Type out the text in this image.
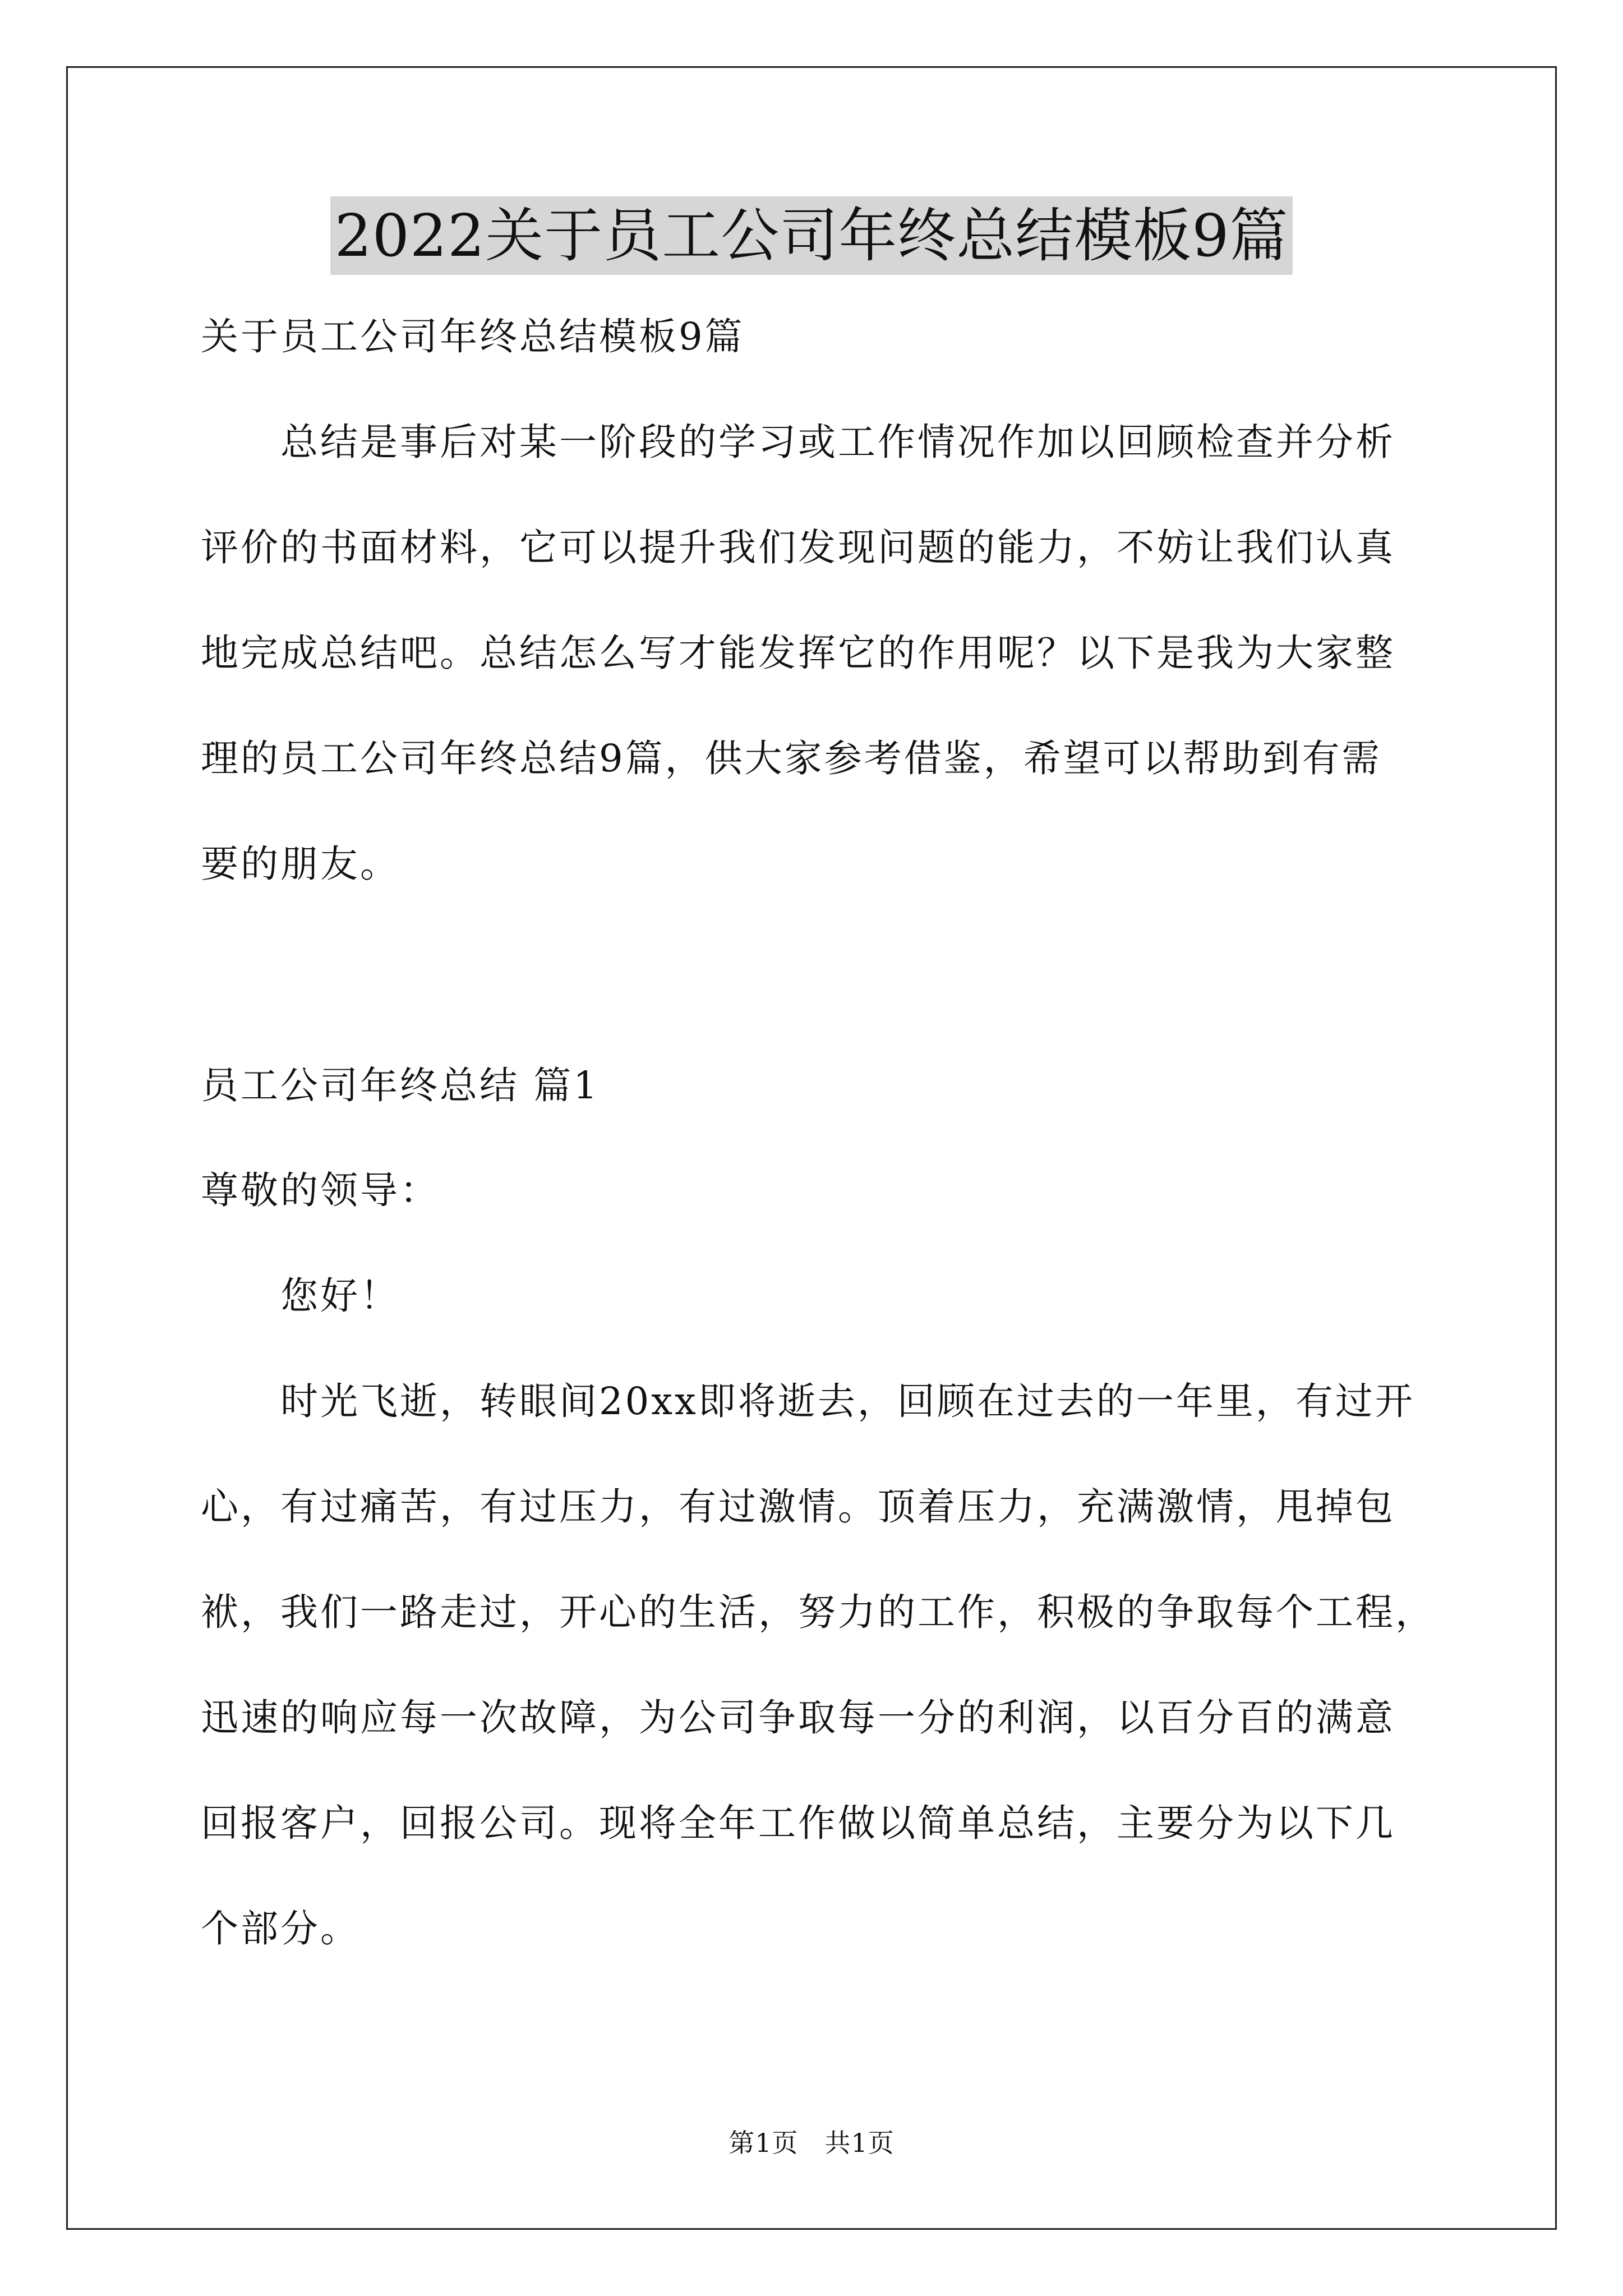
2022关于员工公司年终总结模板9篇
关于员工公司年终总结模板9篇
总结是事后对某一阶段的学习或工作情况作加以回顾检查并分析
评价的书面材料，它可以提升我们发现问题的能力，不妨让我们认真
地完成总结吧。总结怎么写才能发挥它的作用呢？以下是我为大家整
理的员工公司年终总结9篇，供大家参考借鉴，希望可以帮助到有需
要的朋友。
员工公司年终总结 篇1
尊敬的领导：
您好！
时光飞逝，转眼间20xx即将逝去，回顾在过去的一年里，有过开
心，有过痛苦，有过压力，有过激情。顶着压力，充满激情，甩掉包
袱，我们一路走过，开心的生活，努力的工作，积极的争取每个工程，
迅速的响应每一次故障，为公司争取每一分的利润，以百分百的满意
回报客户，回报公司。现将全年工作做以简单总结，主要分为以下几
个部分。
第1页　共1页
